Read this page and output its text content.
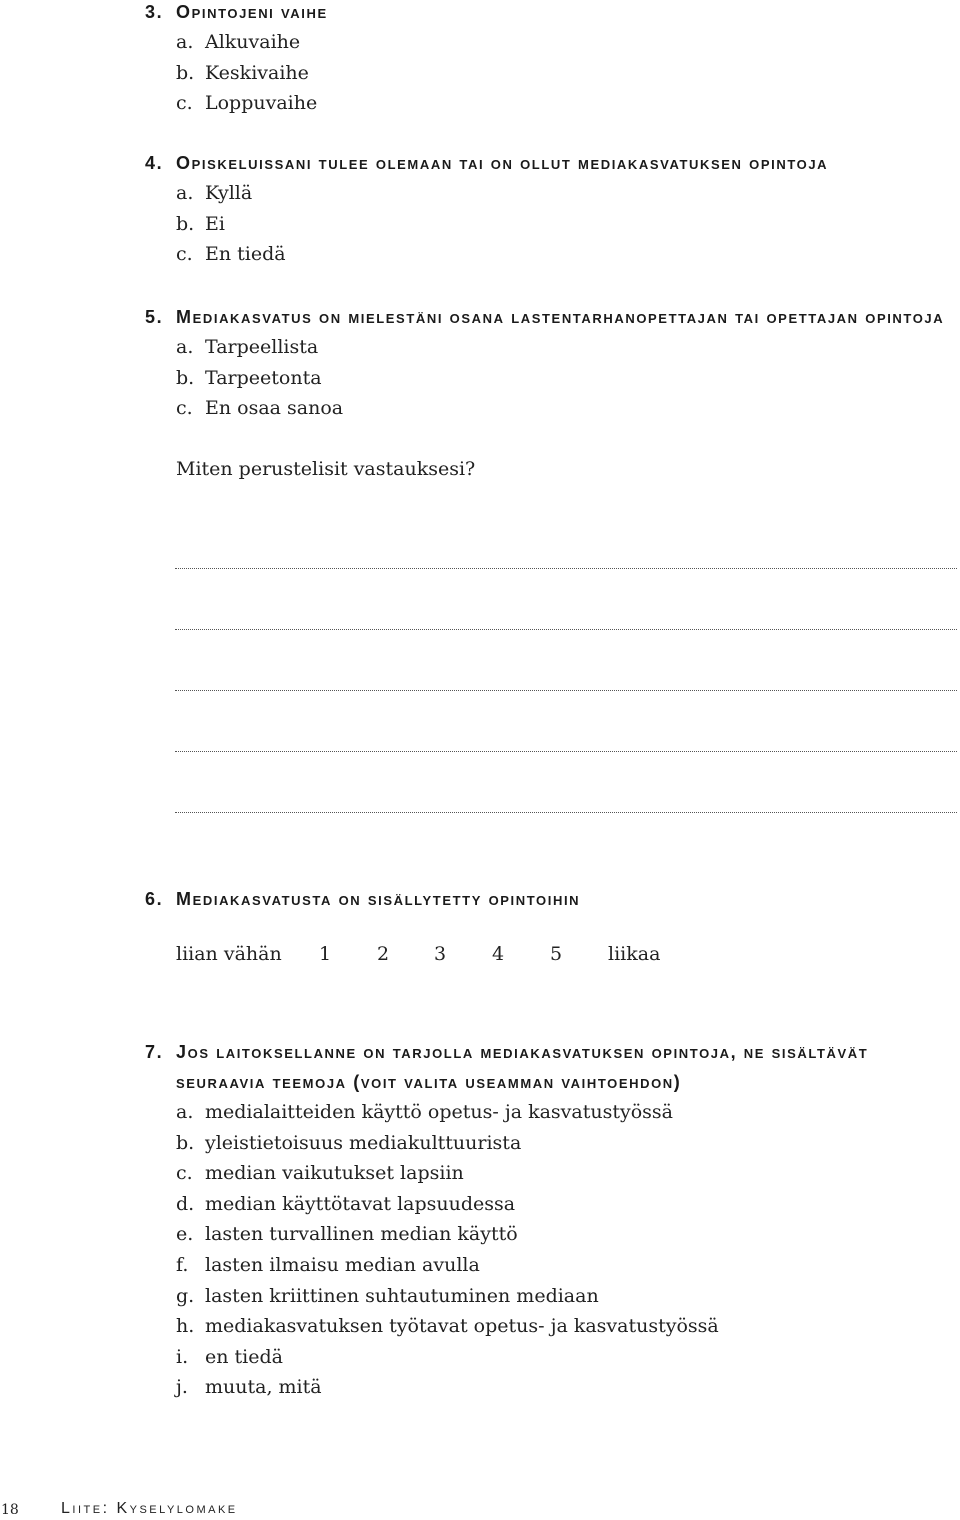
3. Opintojeni vaihe
a. Alkuvaihe
b. Keskivaihe
c. Loppuvaihe
4. Opiskeluissani tulee olemaan tai on ollut mediakasvatuksen opintoja
a. Kyllä
b. Ei
c. En tiedä
5. Mediakasvatus on mielestäni osana lastentarhanopettajan tai opettajan opintoja
a. Tarpeellista
b. Tarpeetonta
c. En osaa sanoa
Miten perustelisit vastauksesi?
6. Mediakasvatusta on sisällytetty opintoihin
liian vähän 1 2 3 4 5 liikaa
7. Jos laitoksellanne on tarjolla mediakasvatuksen opintoja, ne sisältävät seuraavia teemoja (voit valita useamman vaihtoehdon)
a. medialaitteiden käyttö opetus- ja kasvatustyössä
b. yleistietoisuus mediakulttuurista
c. median vaikutukset lapsiin
d. median käyttötavat lapsuudessa
e. lasten turvallinen median käyttö
f. lasten ilmaisu median avulla
g. lasten kriittinen suhtautuminen mediaan
h. mediakasvatuksen työtavat opetus- ja kasvatustyössä
i. en tiedä
j. muuta, mitä
18	Liite: Kyselylomake
